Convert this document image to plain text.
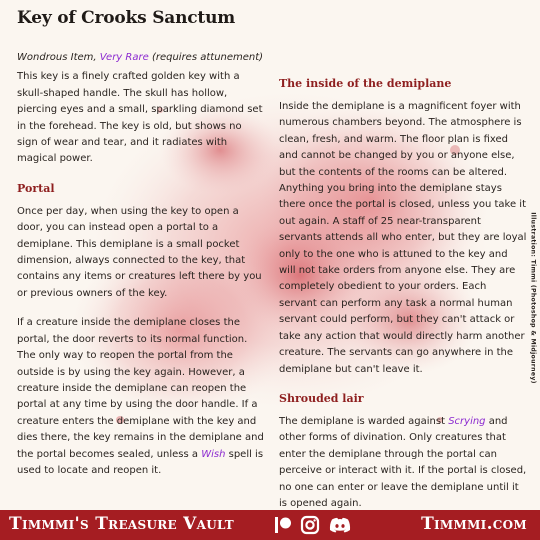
Key of Crooks Sanctum

Wondrous Item, Very Rare (requires attunement)

This key is a finely crafted golden key with a skull-shaped handle. The skull has hollow, piercing eyes and a small, sparkling diamond set in the forehead. The key is old, but shows no sign of wear and tear, and it radiates with magical power.

Portal

Once per day, when using the key to open a door, you can instead open a portal to a demiplane. This demiplane is a small pocket dimension, always connected to the key, that contains any items or creatures left there by you or previous owners of the key.

If a creature inside the demiplane closes the portal, the door reverts to its normal function. The only way to reopen the portal from the outside is by using the key again. However, a creature inside the demiplane can reopen the portal at any time by using the door handle. If a creature enters the demiplane with the key and dies there, the key remains in the demiplane and the portal becomes sealed, unless a Wish spell is used to locate and reopen it.

The inside of the demiplane

Inside the demiplane is a magnificent foyer with numerous chambers beyond. The atmosphere is clean, fresh, and warm. The floor plan is fixed and cannot be changed by you or anyone else, but the contents of the rooms can be altered. Anything you bring into the demiplane stays there once the portal is closed, unless you take it out again. A staff of 25 near-transparent servants attends all who enter, but they are loyal only to the one who is attuned to the key and will not take orders from anyone else. They are completely obedient to your orders. Each servant can perform any task a normal human servant could perform, but they can't attack or take any action that would directly harm another creature. The servants can go anywhere in the demiplane but can't leave it.

Shrouded lair

The demiplane is warded against Scrying and other forms of divination. Only creatures that enter the demiplane through the portal can perceive or interact with it. If the portal is closed, no one can enter or leave the demiplane until it is opened again.

Illustration: Timmi (Photoshop & Midjourney)
Timmmi's Treasure Vault	Timmmi.com
